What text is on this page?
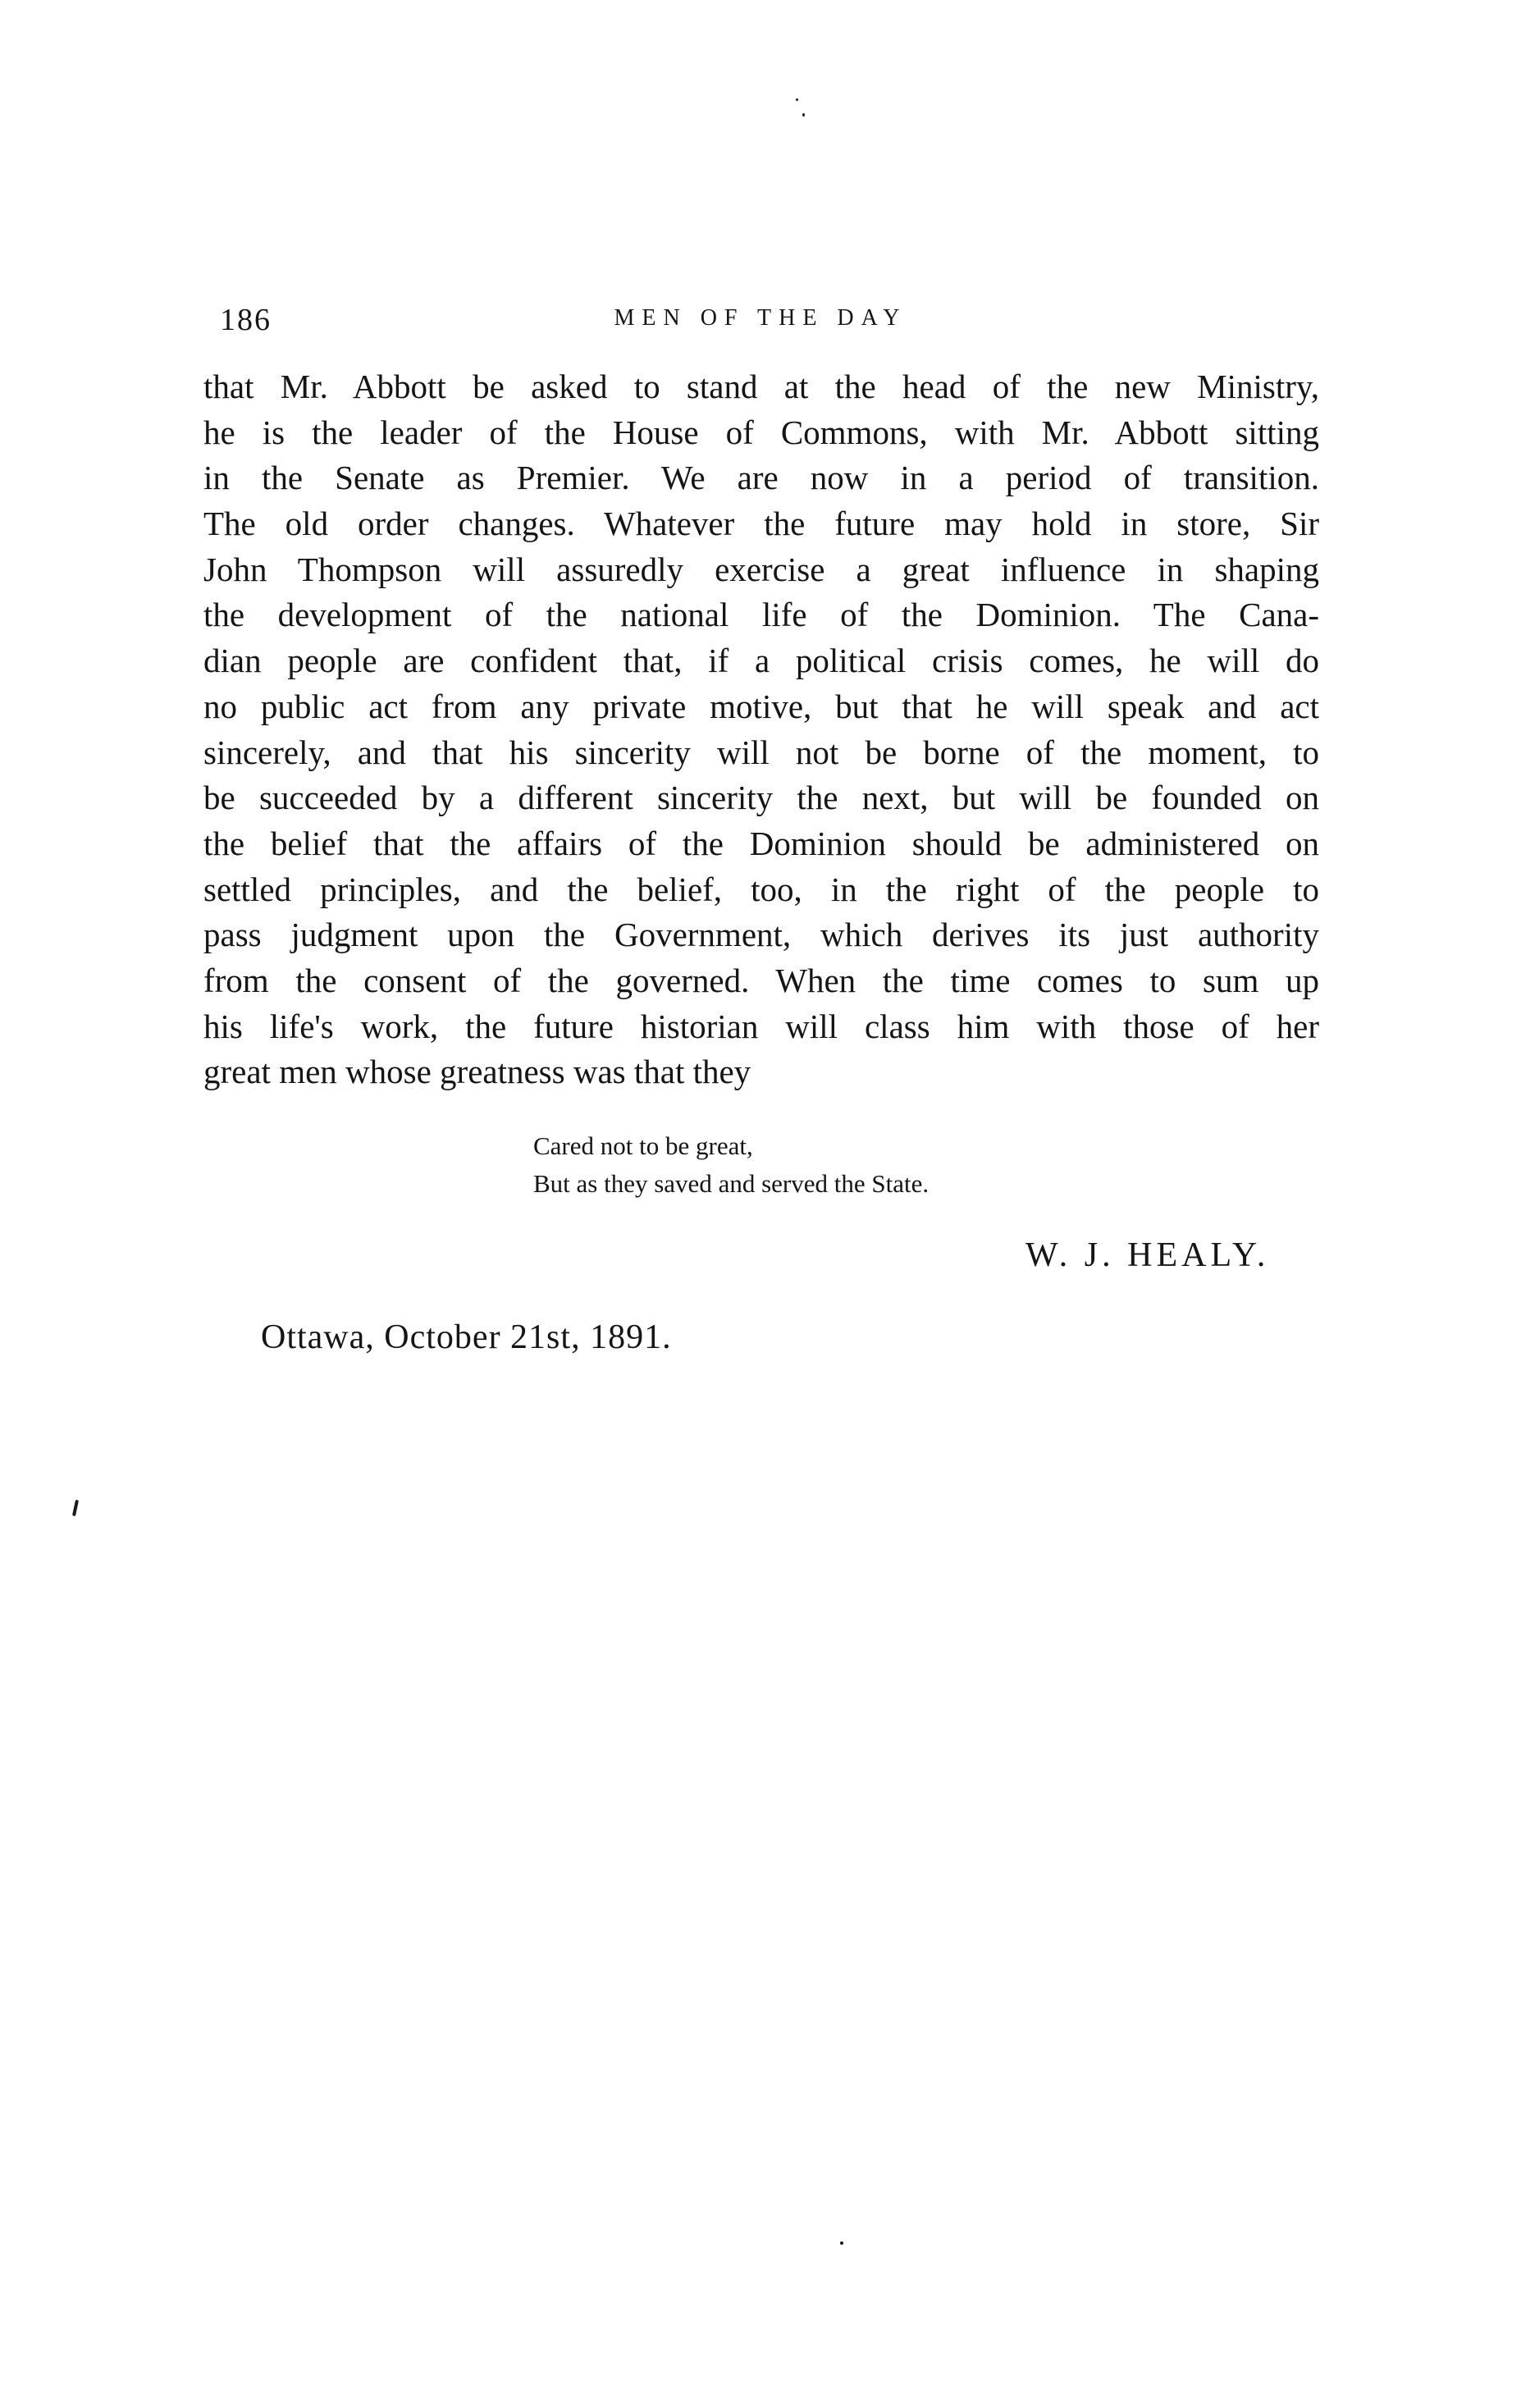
186	MEN OF THE DAY
that Mr. Abbott be asked to stand at the head of the new Ministry,
he is the leader of the House of Commons, with Mr. Abbott sitting
in the Senate as Premier. We are now in a period of transition.
The old order changes. Whatever the future may hold in store, Sir
John Thompson will assuredly exercise a great influence in shaping
the development of the national life of the Dominion. The Cana-
dian people are confident that, if a political crisis comes, he will do
no public act from any private motive, but that he will speak and act
sincerely, and that his sincerity will not be borne of the moment, to
be succeeded by a different sincerity the next, but will be founded on
the belief that the affairs of the Dominion should be administered on
settled principles, and the belief, too, in the right of the people to
pass judgment upon the Government, which derives its just authority
from the consent of the governed. When the time comes to sum up
his life's work, the future historian will class him with those of her
great men whose greatness was that they
Cared not to be great,
But as they saved and served the State.
W. J. HEALY.
Ottawa, October 21st, 1891.
